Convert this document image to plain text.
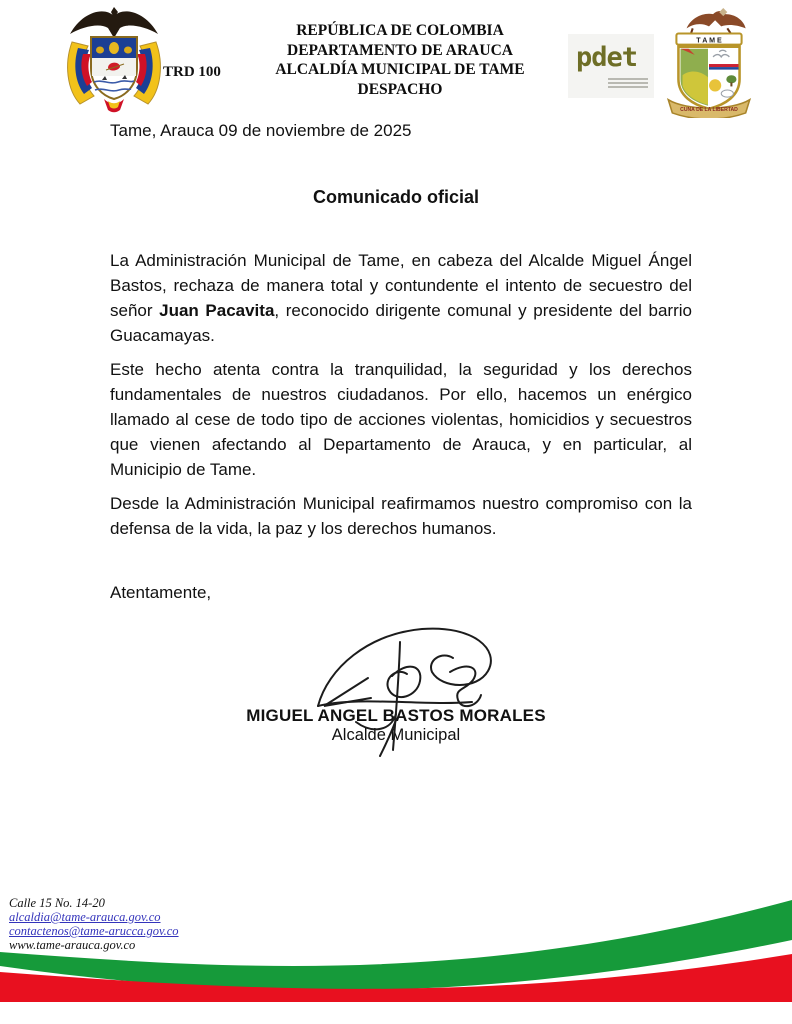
TRD 100
REPÚBLICA DE COLOMBIA
DEPARTAMENTO DE ARAUCA
ALCALDÍA MUNICIPAL DE TAME
DESPACHO
pdet
T A M E
CUNA DE LA LIBERTAD
Tame, Arauca 09 de noviembre de 2025
Comunicado oficial

La Administración Municipal de Tame, en cabeza del Alcalde Miguel Ángel Bastos, rechaza de manera total y contundente el intento de secuestro del señor Juan Pacavita, reconocido dirigente comunal y presidente del barrio Guacamayas.

Este hecho atenta contra la tranquilidad, la seguridad y los derechos fundamentales de nuestros ciudadanos. Por ello, hacemos un enérgico llamado al cese de todo tipo de acciones violentas, homicidios y secuestros que vienen afectando al Departamento de Arauca, y en particular, al Municipio de Tame.

Desde la Administración Municipal reafirmamos nuestro compromiso con la defensa de la vida, la paz y los derechos humanos.

Atentamente,
MIGUEL ANGEL BASTOS MORALES
Alcalde Municipal
Calle 15 No. 14-20
alcaldia@tame-arauca.gov.co
contactenos@tame-arucca.gov.co
www.tame-arauca.gov.co
